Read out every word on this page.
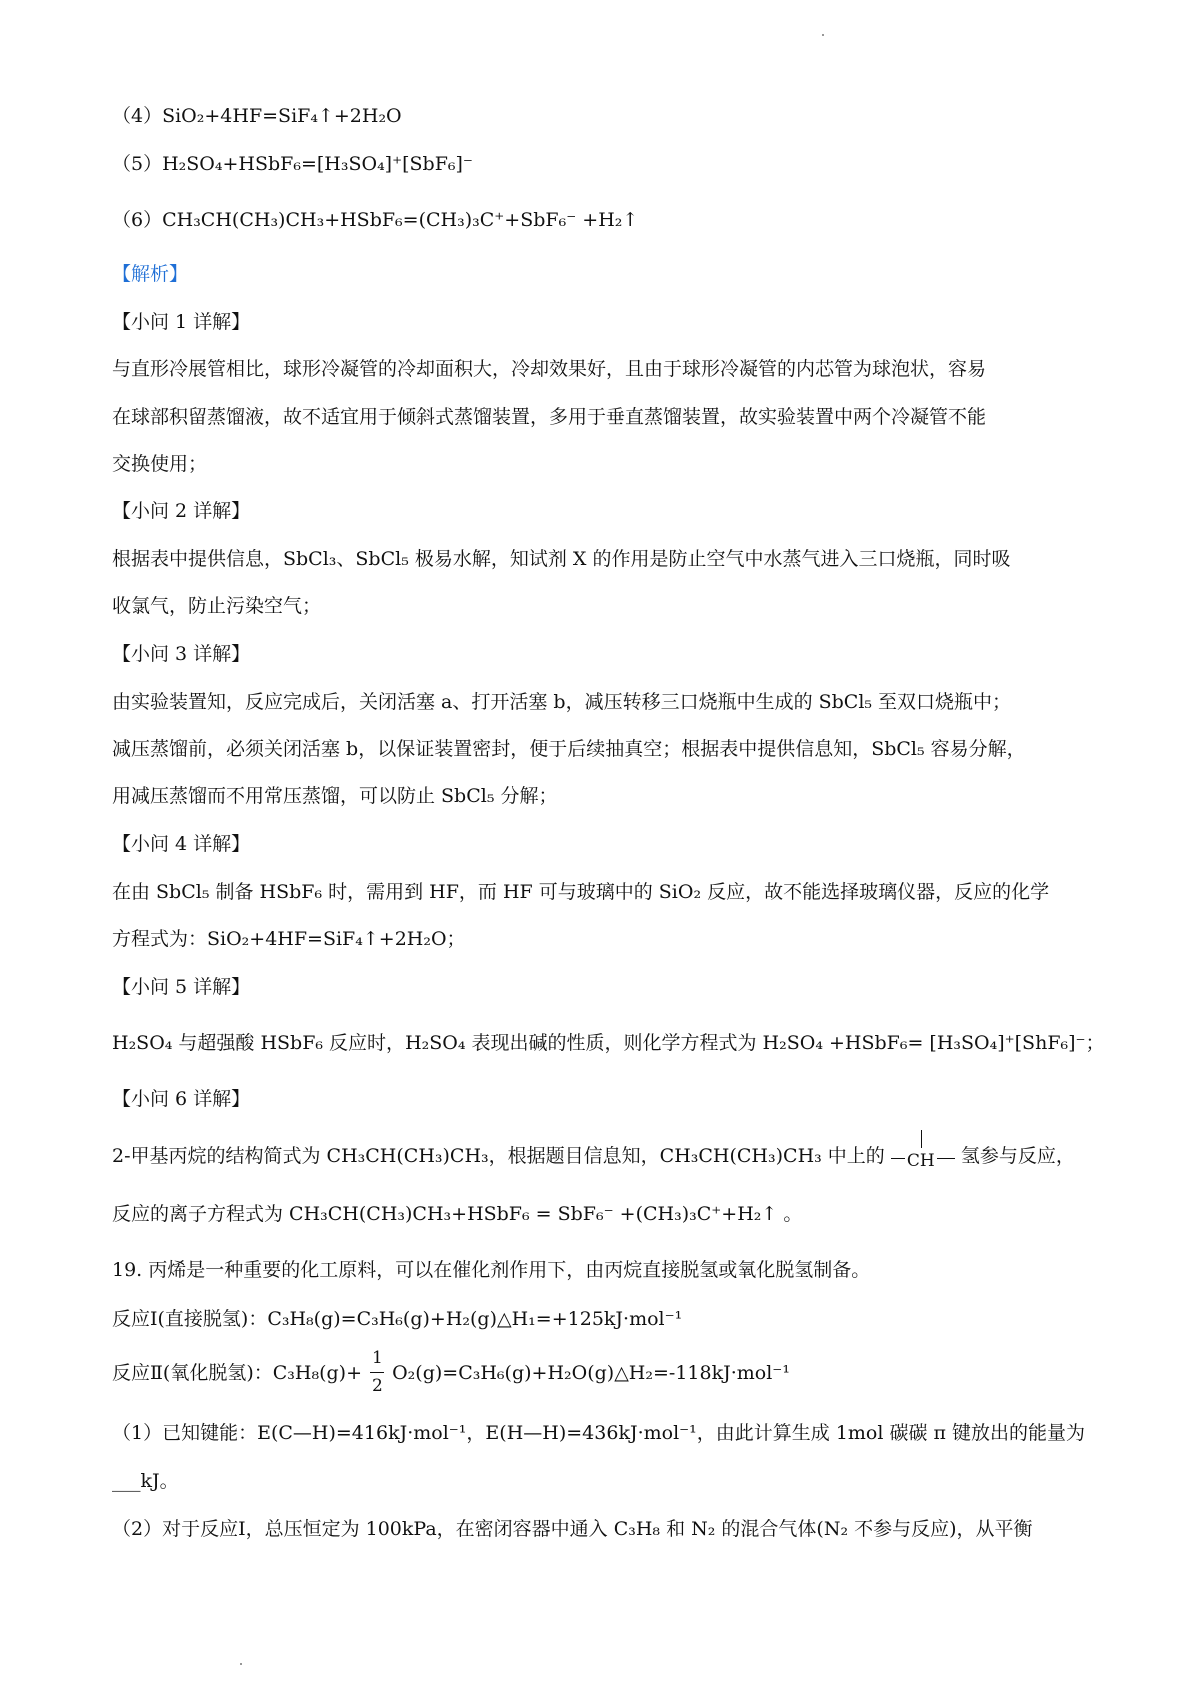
（4）SiO₂+4HF=SiF₄↑+2H₂O
（5）H₂SO₄+HSbF₆=[H₃SO₄]⁺[SbF₆]⁻
（6）CH₃CH(CH₃)CH₃+HSbF₆=(CH₃)₃C⁺+SbF₆⁻ +H₂↑
【解析】
【小问 1 详解】
与直形冷展管相比，球形冷凝管的冷却面积大，冷却效果好，且由于球形冷凝管的内芯管为球泡状，容易
在球部积留蒸馏液，故不适宜用于倾斜式蒸馏装置，多用于垂直蒸馏装置，故实验装置中两个冷凝管不能
交换使用；
【小问 2 详解】
根据表中提供信息，SbCl₃、SbCl₅ 极易水解，知试剂 X 的作用是防止空气中水蒸气进入三口烧瓶，同时吸
收氯气，防止污染空气；
【小问 3 详解】
由实验装置知，反应完成后，关闭活塞 a、打开活塞 b，减压转移三口烧瓶中生成的 SbCl₅ 至双口烧瓶中；
减压蒸馏前，必须关闭活塞 b，以保证装置密封，便于后续抽真空；根据表中提供信息知，SbCl₅ 容易分解，
用减压蒸馏而不用常压蒸馏，可以防止 SbCl₅ 分解；
【小问 4 详解】
在由 SbCl₅ 制备 HSbF₆ 时，需用到 HF，而 HF 可与玻璃中的 SiO₂ 反应，故不能选择玻璃仪器，反应的化学
方程式为：SiO₂+4HF=SiF₄↑+2H₂O；
【小问 5 详解】
H₂SO₄ 与超强酸 HSbF₆ 反应时，H₂SO₄ 表现出碱的性质，则化学方程式为 H₂SO₄ +HSbF₆= [H₃SO₄]⁺[ShF₆]⁻；
【小问 6 详解】
2-甲基丙烷的结构简式为 CH₃CH(CH₃)CH₃，根据题目信息知，CH₃CH(CH₃)CH₃ 中上的 CH 氢参与反应，
反应的离子方程式为 CH₃CH(CH₃)CH₃+HSbF₆ = SbF₆⁻ +(CH₃)₃C⁺+H₂↑ 。
19. 丙烯是一种重要的化工原料，可以在催化剂作用下，由丙烷直接脱氢或氧化脱氢制备。
反应Ⅰ(直接脱氢)：C₃H₈(g)=C₃H₆(g)+H₂(g)△H₁=+125kJ·mol⁻¹
反应Ⅱ(氧化脱氢)：$C_3H_8(g)+ \frac{1}{2}$ O₂(g)=C₃H₆(g)+H₂O(g)△H₂=-118kJ·mol⁻¹
（1）已知键能：E(C—H)=416kJ·mol⁻¹，E(H—H)=436kJ·mol⁻¹，由此计算生成 1mol 碳碳 π 键放出的能量为
___kJ。
（2）对于反应Ⅰ，总压恒定为 100kPa，在密闭容器中通入 C₃H₈ 和 N₂ 的混合气体(N₂ 不参与反应)，从平衡
